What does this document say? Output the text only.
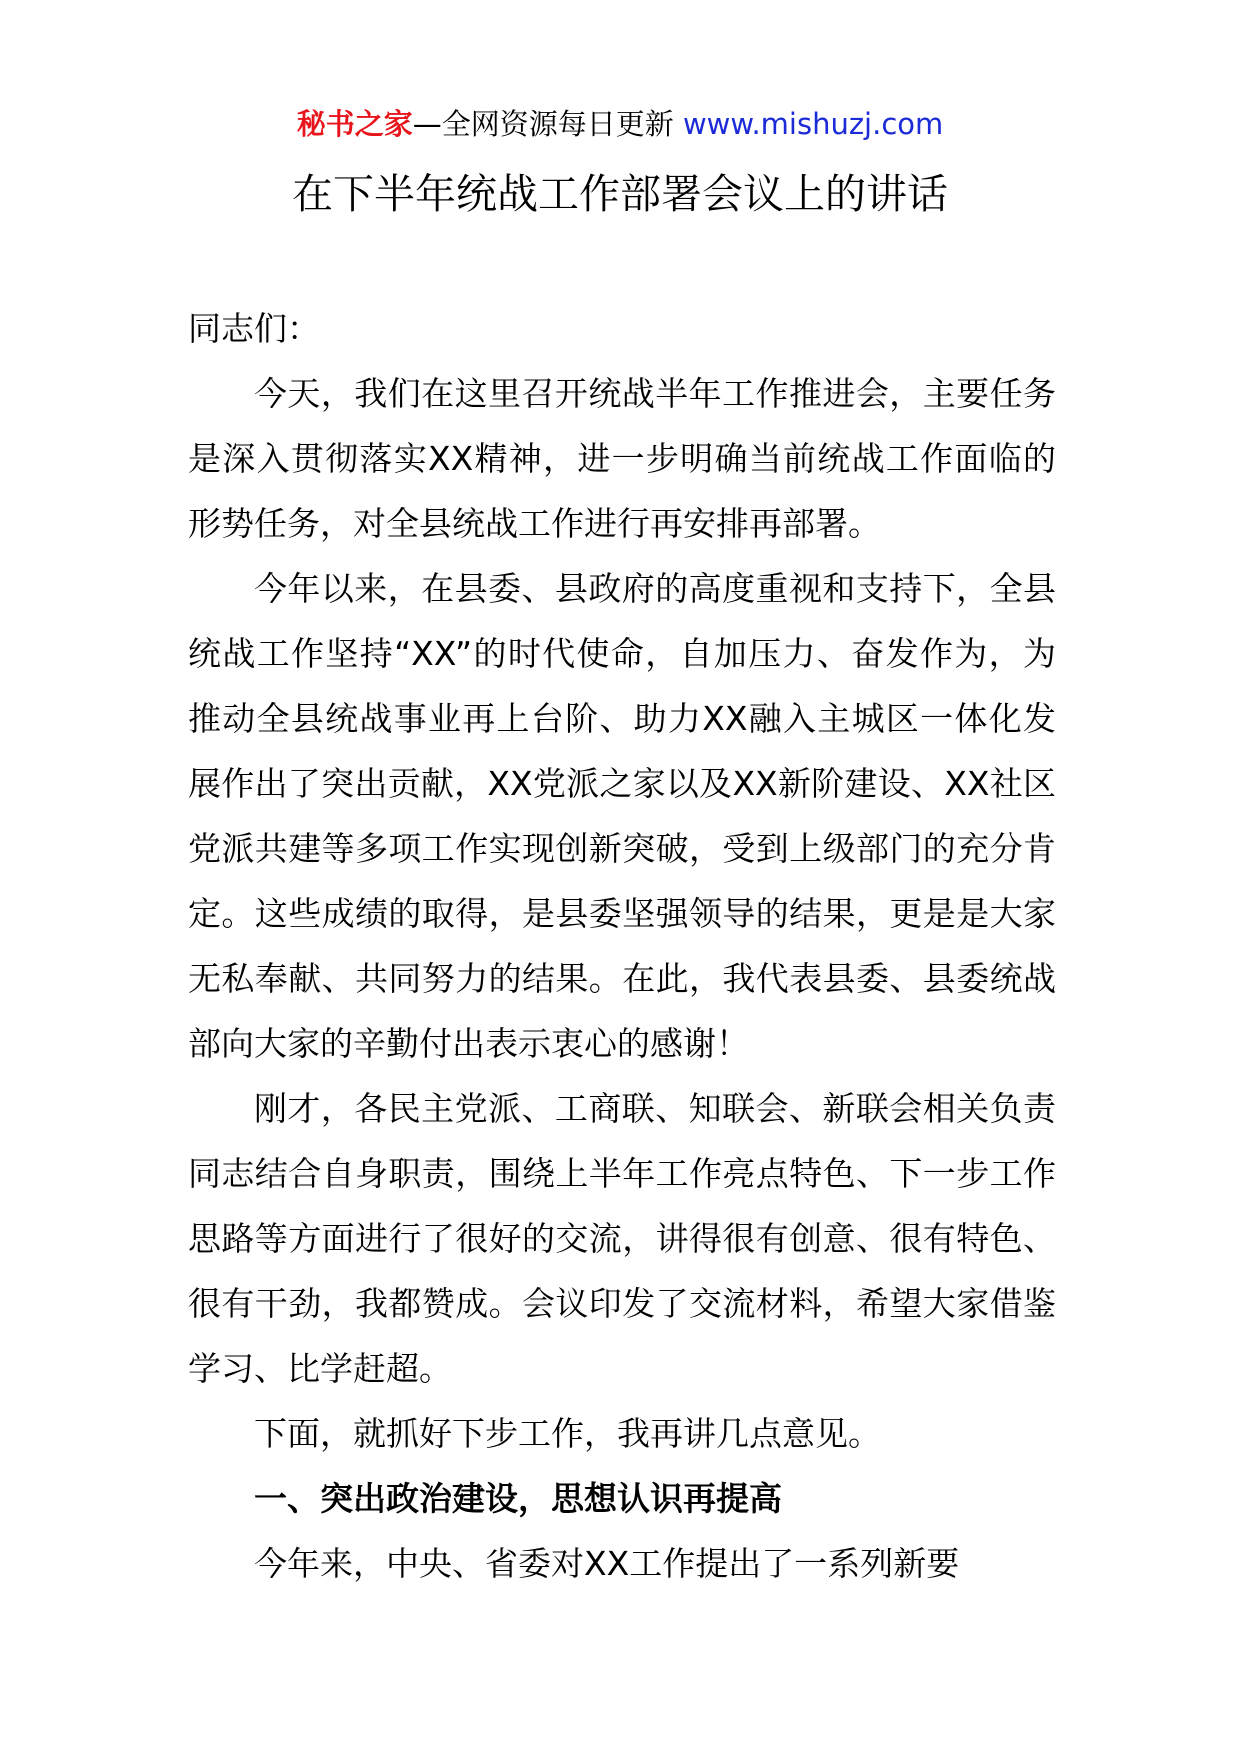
秘书之家—全网资源每日更新 www.mishuzj.com
在下半年统战工作部署会议上的讲话

同志们：

今天，我们在这里召开统战半年工作推进会，主要任务是深入贯彻落实XX精神，进一步明确当前统战工作面临的形势任务，对全县统战工作进行再安排再部署。

今年以来，在县委、县政府的高度重视和支持下，全县统战工作坚持“XX”的时代使命，自加压力、奋发作为，为推动全县统战事业再上台阶、助力XX融入主城区一体化发展作出了突出贡献，XX党派之家以及XX新阶建设、XX社区党派共建等多项工作实现创新突破，受到上级部门的充分肯定。这些成绩的取得，是县委坚强领导的结果，更是是大家无私奉献、共同努力的结果。在此，我代表县委、县委统战部向大家的辛勤付出表示衷心的感谢！

刚才，各民主党派、工商联、知联会、新联会相关负责同志结合自身职责，围绕上半年工作亮点特色、下一步工作思路等方面进行了很好的交流，讲得很有创意、很有特色、很有干劲，我都赞成。会议印发了交流材料，希望大家借鉴学习、比学赶超。

下面，就抓好下步工作，我再讲几点意见。

一、突出政治建设，思想认识再提高

今年来，中央、省委对XX工作提出了一系列新要
